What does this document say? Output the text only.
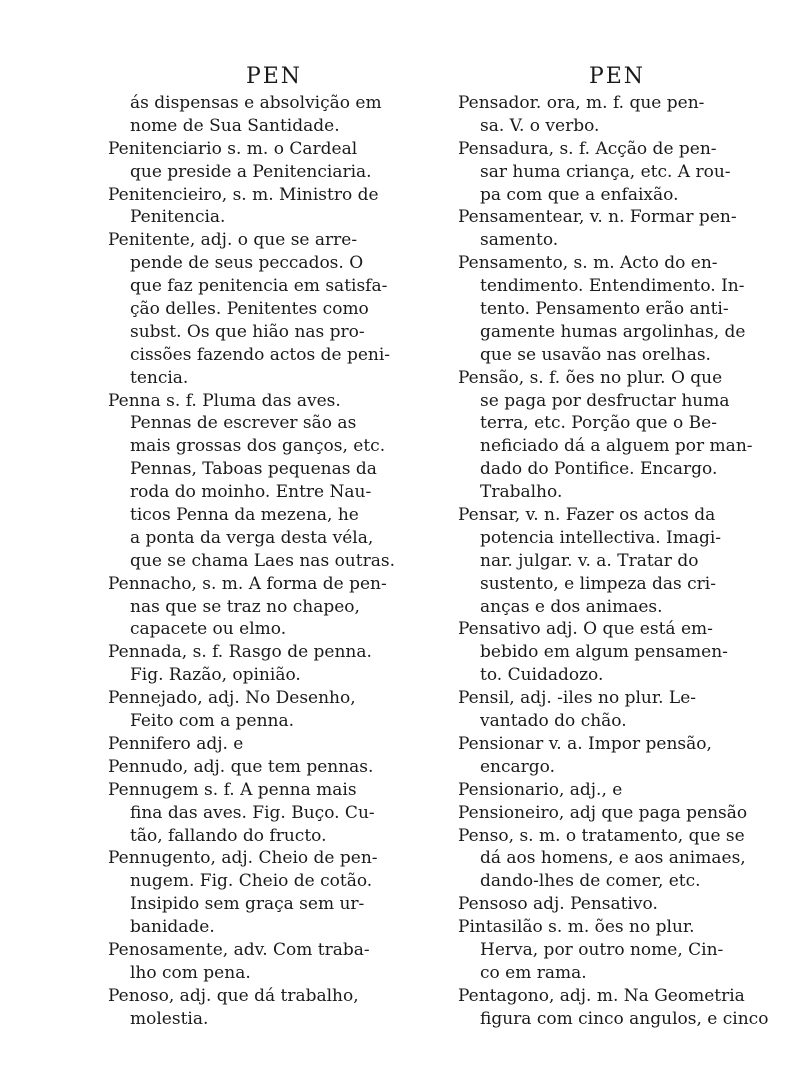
PEN
ás dispensas e absolvição em
nome de Sua Santidade.
Penitenciario s. m. o Cardeal
que preside a Penitenciaria.
Penitencieiro, s. m. Ministro de
Penitencia.
Penitente, adj. o que se arre-
pende de seus peccados. O
que faz penitencia em satisfa-
ção delles. Penitentes como
subst. Os que hião nas pro-
cissões fazendo actos de peni-
tencia.
Penna s. f. Pluma das aves.
Pennas de escrever são as
mais grossas dos ganços, etc.
Pennas, Taboas pequenas da
roda do moinho. Entre Nau-
ticos Penna da mezena, he
a ponta da verga desta véla,
que se chama Laes nas outras.
Pennacho, s. m. A forma de pen-
nas que se traz no chapeo,
capacete ou elmo.
Pennada, s. f. Rasgo de penna.
Fig. Razão, opinião.
Pennejado, adj. No Desenho,
Feito com a penna.
Pennifero adj. e
Pennudo, adj. que tem pennas.
Pennugem s. f. A penna mais
fina das aves. Fig. Buço. Cu-
tão, fallando do fructo.
Pennugento, adj. Cheio de pen-
nugem. Fig. Cheio de cotão.
Insipido sem graça sem ur-
banidade.
Penosamente, adv. Com traba-
lho com pena.
Penoso, adj. que dá trabalho,
molestia.
PEN
Pensador. ora, m. f. que pen-
sa. V. o verbo.
Pensadura, s. f. Acção de pen-
sar huma criança, etc. A rou-
pa com que a enfaixão.
Pensamentear, v. n. Formar pen-
samento.
Pensamento, s. m. Acto do en-
tendimento. Entendimento. In-
tento. Pensamento erão anti-
gamente humas argolinhas, de
que se usavão nas orelhas.
Pensão, s. f. ões no plur. O que
se paga por desfructar huma
terra, etc. Porção que o Be-
neficiado dá a alguem por man-
dado do Pontifice. Encargo.
Trabalho.
Pensar, v. n. Fazer os actos da
potencia intellectiva. Imagi-
nar. julgar. v. a. Tratar do
sustento, e limpeza das cri-
anças e dos animaes.
Pensativo adj. O que está em-
bebido em algum pensamen-
to. Cuidadozo.
Pensil, adj. -iles no plur. Le-
vantado do chão.
Pensionar v. a. Impor pensão,
encargo.
Pensionario, adj., e
Pensioneiro, adj que paga pensão
Penso, s. m. o tratamento, que se
dá aos homens, e aos animaes,
dando-lhes de comer, etc.
Pensoso adj. Pensativo.
Pintasilão s. m. ões no plur.
Herva, por outro nome, Cin-
co em rama.
Pentagono, adj. m. Na Geometria
figura com cinco angulos, e cinco
